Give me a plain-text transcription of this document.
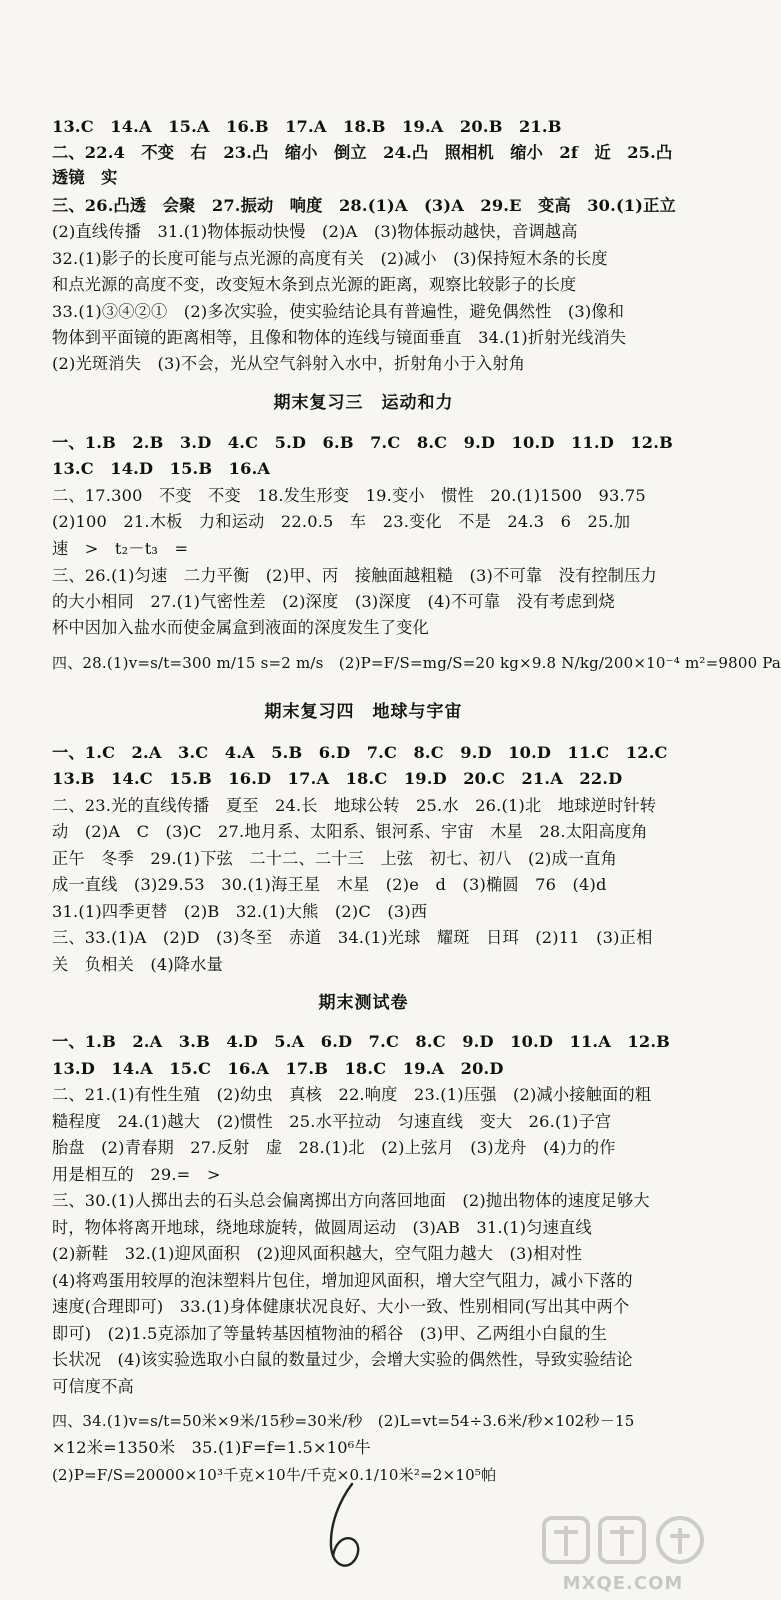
13.C　14.A　15.A　16.B　17.A　18.B　19.A　20.B　21.B
二、22.4　不变　右　23.凸　缩小　倒立　24.凸　照相机　缩小　2f　近　25.凸
透镜　实
三、26.凸透　会聚　27.振动　响度　28.(1)A　(3)A　29.E　变高　30.(1)正立
(2)直线传播　31.(1)物体振动快慢　(2)A　(3)物体振动越快，音调越高
32.(1)影子的长度可能与点光源的高度有关　(2)减小　(3)保持短木条的长度
和点光源的高度不变，改变短木条到点光源的距离，观察比较影子的长度
33.(1)③④②①　(2)多次实验，使实验结论具有普遍性，避免偶然性　(3)像和
物体到平面镜的距离相等，且像和物体的连线与镜面垂直　34.(1)折射光线消失
(2)光斑消失　(3)不会，光从空气斜射入水中，折射角小于入射角
期末复习三　运动和力
一、1.B　2.B　3.D　4.C　5.D　6.B　7.C　8.C　9.D　10.D　11.D　12.B
13.C　14.D　15.B　16.A
二、17.300　不变　不变　18.发生形变　19.变小　惯性　20.(1)1500　93.75
(2)100　21.木板　力和运动　22.0.5　车　23.变化　不是　24.3　6　25.加
速　>　t₂－t₃　=
三、26.(1)匀速　二力平衡　(2)甲、丙　接触面越粗糙　(3)不可靠　没有控制压力
的大小相同　27.(1)气密性差　(2)深度　(3)深度　(4)不可靠　没有考虑到烧
杯中因加入盐水而使金属盒到液面的深度发生了变化
四、28.(1)v=s/t=300 m/15 s=2 m/s　(2)P=F/S=mg/S=20 kg×9.8 N/kg/200×10⁻⁴ m²=9800 Pa
期末复习四　地球与宇宙
一、1.C　2.A　3.C　4.A　5.B　6.D　7.C　8.C　9.D　10.D　11.C　12.C
13.B　14.C　15.B　16.D　17.A　18.C　19.D　20.C　21.A　22.D
二、23.光的直线传播　夏至　24.长　地球公转　25.水　26.(1)北　地球逆时针转
动　(2)A　C　(3)C　27.地月系、太阳系、银河系、宇宙　木星　28.太阳高度角
正午　冬季　29.(1)下弦　二十二、二十三　上弦　初七、初八　(2)成一直角
成一直线　(3)29.53　30.(1)海王星　木星　(2)e　d　(3)椭圆　76　(4)d
31.(1)四季更替　(2)B　32.(1)大熊　(2)C　(3)西
三、33.(1)A　(2)D　(3)冬至　赤道　34.(1)光球　耀斑　日珥　(2)11　(3)正相
关　负相关　(4)降水量
期末测试卷
一、1.B　2.A　3.B　4.D　5.A　6.D　7.C　8.C　9.D　10.D　11.A　12.B
13.D　14.A　15.C　16.A　17.B　18.C　19.A　20.D
二、21.(1)有性生殖　(2)幼虫　真核　22.响度　23.(1)压强　(2)减小接触面的粗
糙程度　24.(1)越大　(2)惯性　25.水平拉动　匀速直线　变大　26.(1)子宫
胎盘　(2)青春期　27.反射　虚　28.(1)北　(2)上弦月　(3)龙舟　(4)力的作
用是相互的　29.=　>
三、30.(1)人掷出去的石头总会偏离掷出方向落回地面　(2)抛出物体的速度足够大
时，物体将离开地球，绕地球旋转，做圆周运动　(3)AB　31.(1)匀速直线
(2)新鞋　32.(1)迎风面积　(2)迎风面积越大，空气阻力越大　(3)相对性
(4)将鸡蛋用较厚的泡沫塑料片包住，增加迎风面积，增大空气阻力，减小下落的
速度(合理即可)　33.(1)身体健康状况良好、大小一致、性别相同(写出其中两个
即可)　(2)1.5克添加了等量转基因植物油的稻谷　(3)甲、乙两组小白鼠的生
长状况　(4)该实验选取小白鼠的数量过少，会增大实验的偶然性，导致实验结论
可信度不高
四、34.(1)v=s/t=50米×9米/15秒=30米/秒　(2)L=vt=54÷3.6米/秒×102秒－15
×12米=1350米　35.(1)F=f=1.5×10⁶牛
(2)P=F/S=20000×10³千克×10牛/千克×0.1/10米²=2×10⁵帕
MXQE.COM
